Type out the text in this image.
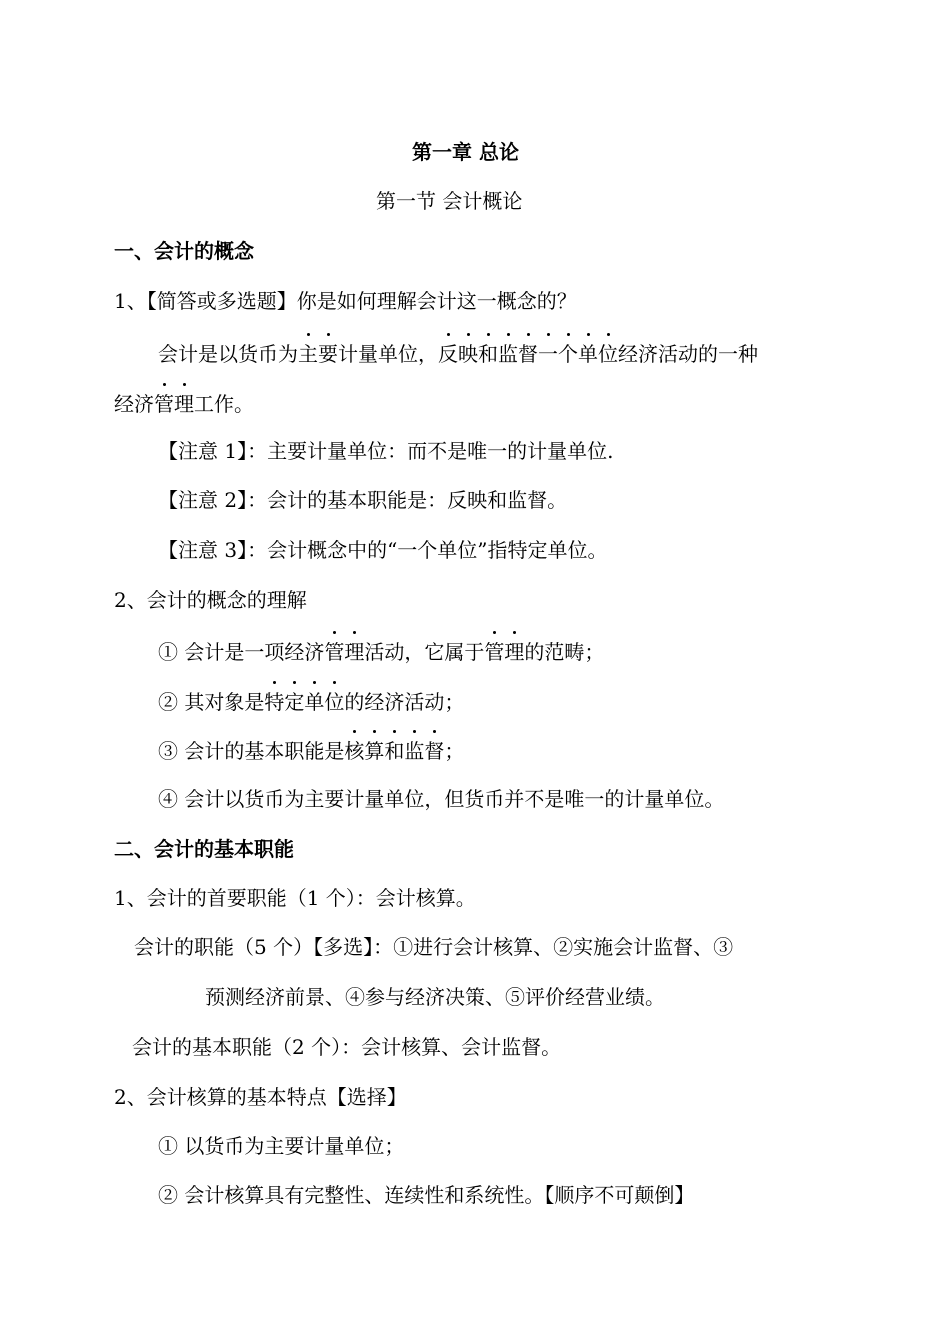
第一章 总论
第一节 会计概论
一、会计的概念
1、【简答或多选题】你是如何理解会计这一概念的？
会计是以货币为主要计量单位，反映和监督一个单位经济活动的一种
经济管理工作。
【注意 1】：主要计量单位：而不是唯一的计量单位.
【注意 2】：会计的基本职能是：反映和监督。
【注意 3】：会计概念中的“一个单位”指特定单位。
2、会计的概念的理解
① 会计是一项经济管理活动，它属于管理的范畴；
② 其对象是特定单位的经济活动；
③ 会计的基本职能是核算和监督；
④ 会计以货币为主要计量单位，但货币并不是唯一的计量单位。
二、会计的基本职能
1、会计的首要职能（1 个）：会计核算。
会计的职能（5 个）【多选】：①进行会计核算、②实施会计监督、③
预测经济前景、④参与经济决策、⑤评价经营业绩。
会计的基本职能（2 个）：会计核算、会计监督。
2、会计核算的基本特点【选择】
① 以货币为主要计量单位；
② 会计核算具有完整性、连续性和系统性。【顺序不可颠倒】
